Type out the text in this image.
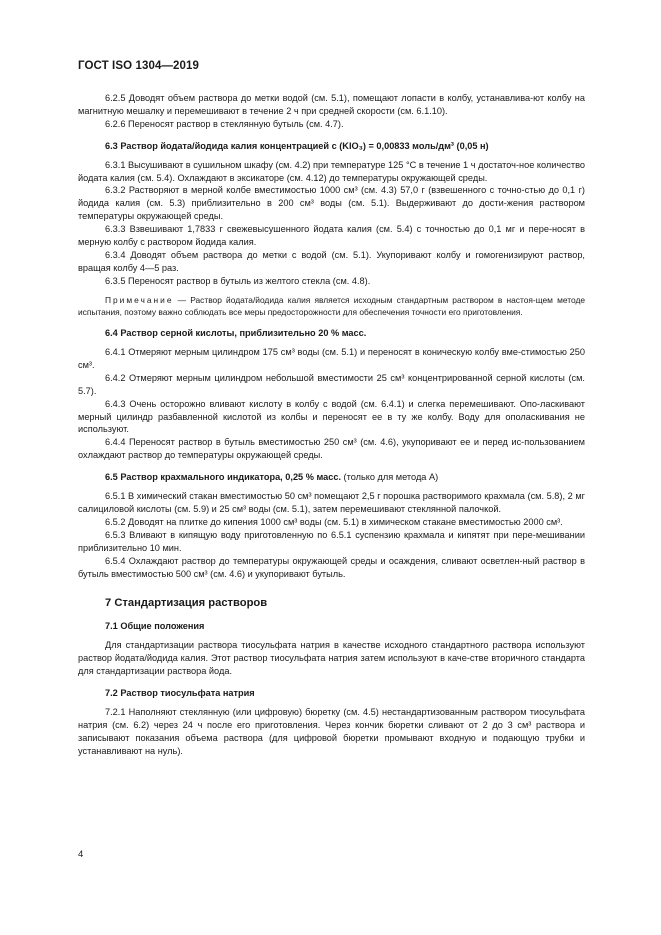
ГОСТ ISO 1304—2019

6.2.5 Доводят объем раствора до метки водой (см. 5.1), помещают лопасти в колбу, устанавлива-ют колбу на магнитную мешалку и перемешивают в течение 2 ч при средней скорости (см. 6.1.10).

6.2.6 Переносят раствор в стеклянную бутыль (см. 4.7).

6.3 Раствор йодата/йодида калия концентрацией c (KIO₃) = 0,00833 моль/дм³ (0,05 н)

6.3.1 Высушивают в сушильном шкафу (см. 4.2) при температуре 125 °С в течение 1 ч достаточ-ное количество йодата калия (см. 5.4). Охлаждают в эксикаторе (см. 4.12) до температуры окружающей среды.

6.3.2 Растворяют в мерной колбе вместимостью 1000 см³ (см. 4.3) 57,0 г (взвешенного с точно-стью до 0,1 г) йодида калия (см. 5.3) приблизительно в 200 см³ воды (см. 5.1). Выдерживают до дости-жения раствором температуры окружающей среды.

6.3.3 Взвешивают 1,7833 г свежевысушенного йодата калия (см. 5.4) с точностью до 0,1 мг и пере-носят в мерную колбу с раствором йодида калия.

6.3.4 Доводят объем раствора до метки с водой (см. 5.1). Укупоривают колбу и гомогенизируют раствор, вращая колбу 4—5 раз.

6.3.5 Переносят раствор в бутыль из желтого стекла (см. 4.8).

Примечание — Раствор йодата/йодида калия является исходным стандартным раствором в настоя-щем методе испытания, поэтому важно соблюдать все меры предосторожности для обеспечения точности его приготовления.

6.4 Раствор серной кислоты, приблизительно 20 % масс.

6.4.1 Отмеряют мерным цилиндром 175 см³ воды (см. 5.1) и переносят в коническую колбу вме-стимостью 250 см³.

6.4.2 Отмеряют мерным цилиндром небольшой вместимости 25 см³ концентрированной серной кислоты (см. 5.7).

6.4.3 Очень осторожно вливают кислоту в колбу с водой (см. 6.4.1) и слегка перемешивают. Опо-ласкивают мерный цилиндр разбавленной кислотой из колбы и переносят ее в ту же колбу. Воду для ополаскивания не используют.

6.4.4 Переносят раствор в бутыль вместимостью 250 см³ (см. 4.6), укупоривают ее и перед ис-пользованием охлаждают раствор до температуры окружающей среды.

6.5 Раствор крахмального индикатора, 0,25 % масс. (только для метода А)

6.5.1 В химический стакан вместимостью 50 см³ помещают 2,5 г порошка растворимого крахмала (см. 5.8), 2 мг салициловой кислоты (см. 5.9) и 25 см³ воды (см. 5.1), затем перемешивают стеклянной палочкой.

6.5.2 Доводят на плитке до кипения 1000 см³ воды (см. 5.1) в химическом стакане вместимостью 2000 см³.

6.5.3 Вливают в кипящую воду приготовленную по 6.5.1 суспензию крахмала и кипятят при пере-мешивании приблизительно 10 мин.

6.5.4 Охлаждают раствор до температуры окружающей среды и осаждения, сливают осветлен-ный раствор в бутыль вместимостью 500 см³ (см. 4.6) и укупоривают бутыль.

7 Стандартизация растворов

7.1 Общие положения

Для стандартизации раствора тиосульфата натрия в качестве исходного стандартного раствора используют раствор йодата/йодида калия. Этот раствор тиосульфата натрия затем используют в каче-стве вторичного стандарта для стандартизации раствора йода.

7.2 Раствор тиосульфата натрия

7.2.1 Наполняют стеклянную (или цифровую) бюретку (см. 4.5) нестандартизованным раствором тиосульфата натрия (см. 6.2) через 24 ч после его приготовления. Через кончик бюретки сливают от 2 до 3 см³ раствора и записывают показания объема раствора (для цифровой бюретки промывают входную и подающую трубки и устанавливают на нуль).

4
